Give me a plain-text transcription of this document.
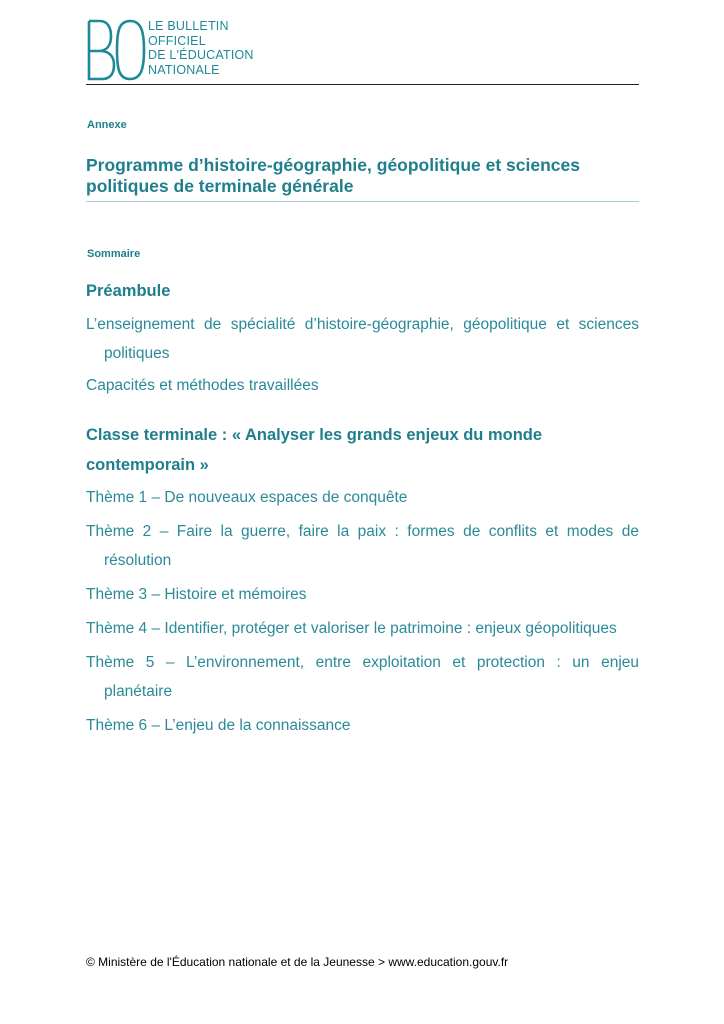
LE BULLETIN
OFFICIEL
DE L'ÉDUCATION
NATIONALE
Annexe
Programme d’histoire-géographie, géopolitique et sciences politiques de terminale générale
Sommaire
Préambule
L’enseignement de spécialité d’histoire-géographie, géopolitique et sciences politiques
Capacités et méthodes travaillées
Classe terminale : « Analyser les grands enjeux du monde contemporain »
Thème 1 – De nouveaux espaces de conquête
Thème 2 – Faire la guerre, faire la paix : formes de conflits et modes de résolution
Thème 3 – Histoire et mémoires
Thème 4 – Identifier, protéger et valoriser le patrimoine : enjeux géopolitiques
Thème 5 – L’environnement, entre exploitation et protection : un enjeu planétaire
Thème 6 – L’enjeu de la connaissance
© Ministère de l'Éducation nationale et de la Jeunesse > www.education.gouv.fr
